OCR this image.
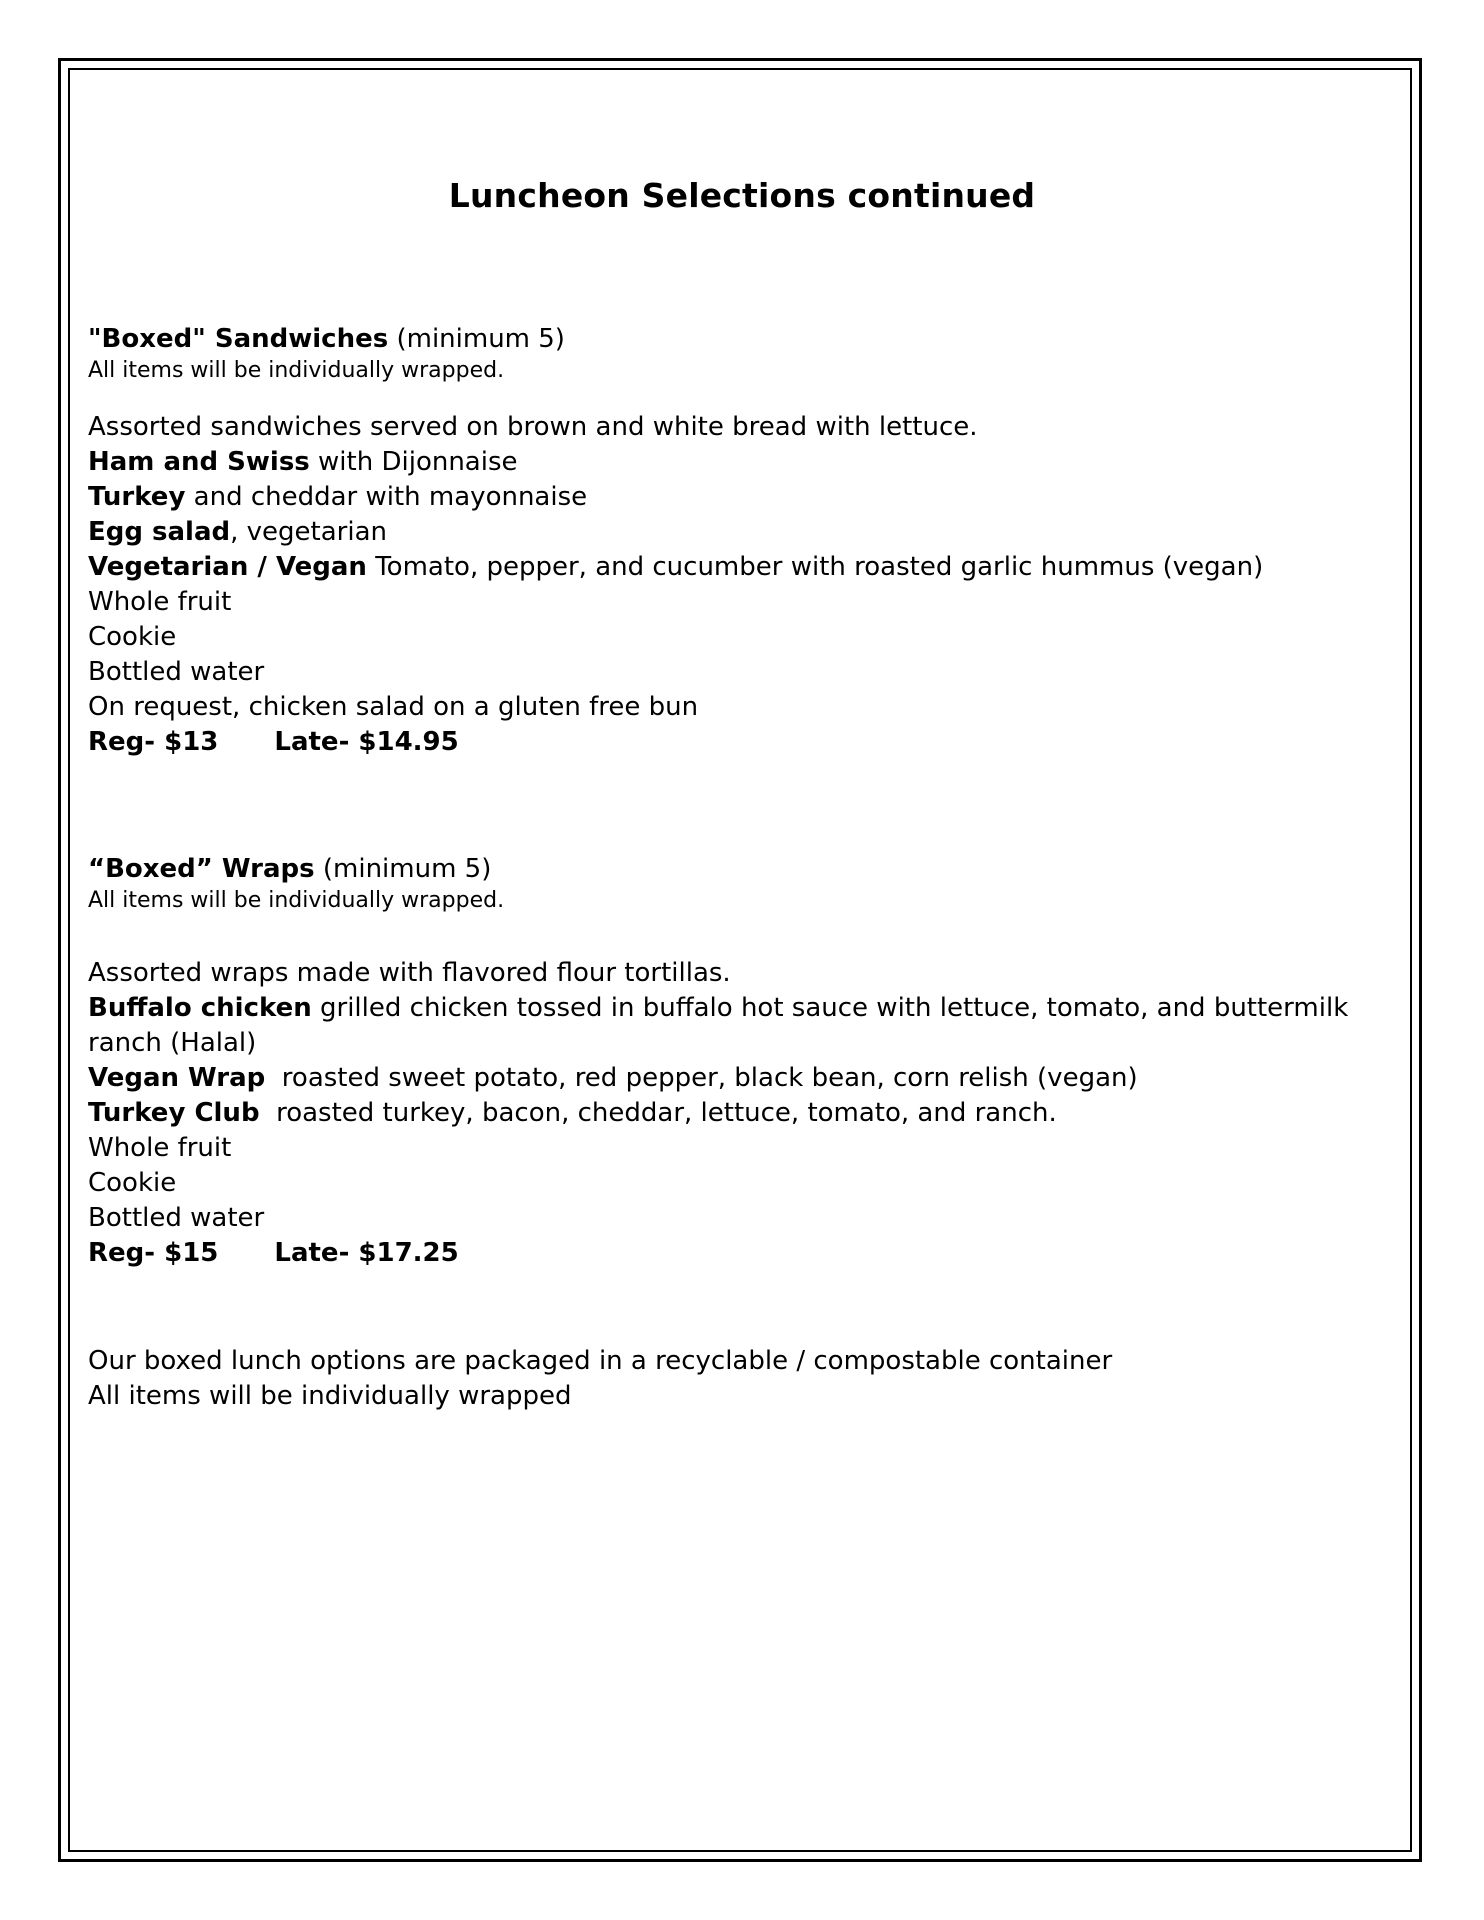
Luncheon Selections continued
"Boxed" Sandwiches (minimum 5)
All items will be individually wrapped.
Assorted sandwiches served on brown and white bread with lettuce.
Ham and Swiss with Dijonnaise
Turkey and cheddar with mayonnaise
Egg salad, vegetarian
Vegetarian / Vegan Tomato, pepper, and cucumber with roasted garlic hummus (vegan)
Whole fruit
Cookie
Bottled water
On request, chicken salad on a gluten free bun
Reg- $13 Late- $14.95
“Boxed” Wraps (minimum 5)
All items will be individually wrapped.
Assorted wraps made with flavored flour tortillas.
Buffalo chicken grilled chicken tossed in buffalo hot sauce with lettuce, tomato, and buttermilk ranch (Halal)
Vegan Wrap  roasted sweet potato, red pepper, black bean, corn relish (vegan)
Turkey Club  roasted turkey, bacon, cheddar, lettuce, tomato, and ranch.
Whole fruit
Cookie
Bottled water
Reg- $15 Late- $17.25
Our boxed lunch options are packaged in a recyclable / compostable container
All items will be individually wrapped
